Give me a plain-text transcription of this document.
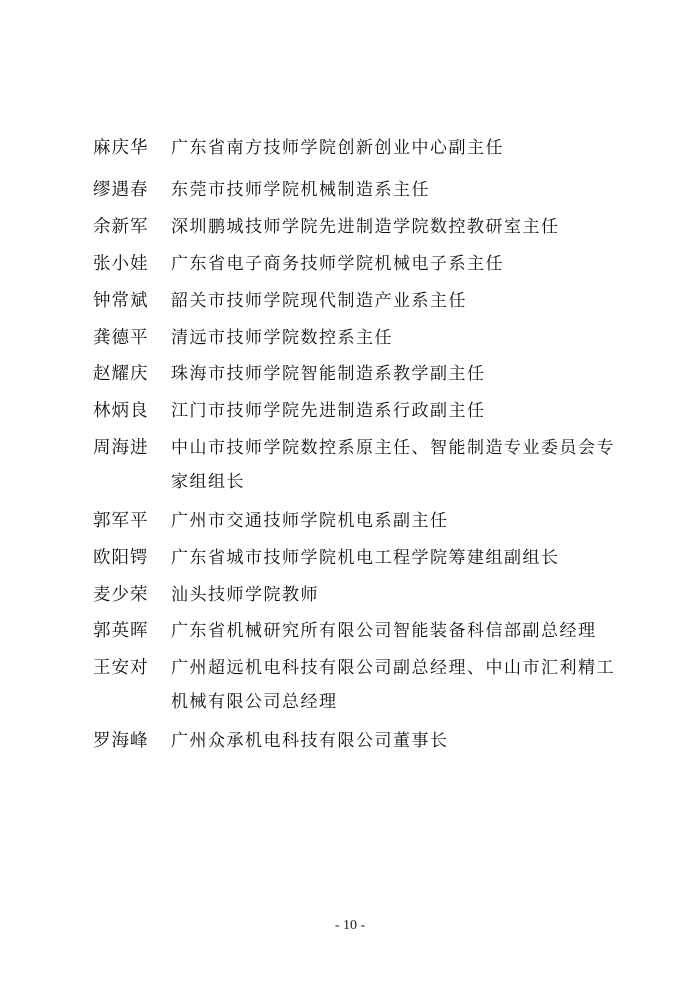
麻庆华	广东省南方技师学院创新创业中心副主任
缪遇春	东莞市技师学院机械制造系主任
余新军	深圳鹏城技师学院先进制造学院数控教研室主任
张小娃	广东省电子商务技师学院机械电子系主任
钟常斌	韶关市技师学院现代制造产业系主任
龚德平	清远市技师学院数控系主任
赵耀庆	珠海市技师学院智能制造系教学副主任
林炳良	江门市技师学院先进制造系行政副主任
周海进	中山市技师学院数控系原主任、智能制造专业委员会专家组组长
郭军平	广州市交通技师学院机电系副主任
欧阳锷	广东省城市技师学院机电工程学院筹建组副组长
麦少荣	汕头技师学院教师
郭英晖	广东省机械研究所有限公司智能装备科信部副总经理
王安对	广州超远机电科技有限公司副总经理、中山市汇利精工机械有限公司总经理
罗海峰	广州众承机电科技有限公司董事长
- 10 -
